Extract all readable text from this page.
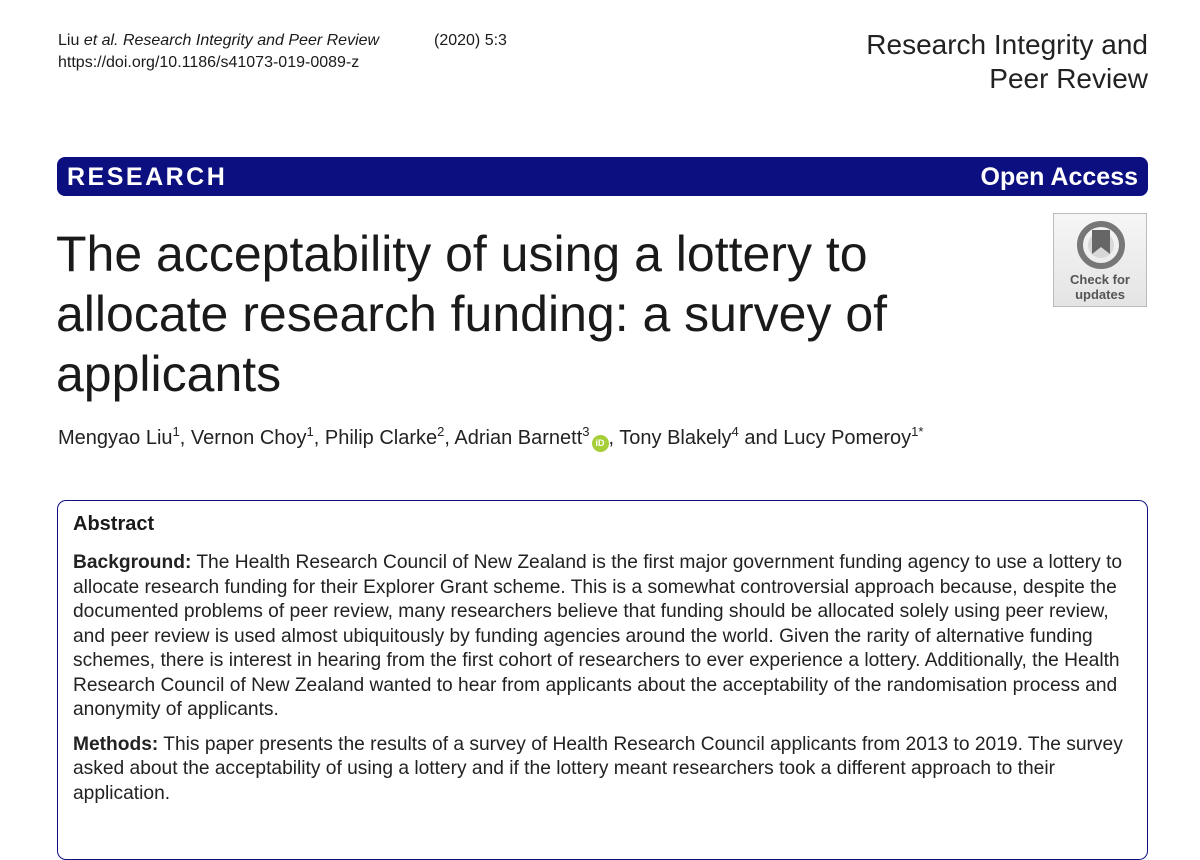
Liu et al. Research Integrity and Peer Review	(2020) 5:3
https://doi.org/10.1186/s41073-019-0089-z
Research Integrity and
Peer Review
RESEARCH	Open Access
Check for
updates
The acceptability of using a lottery to allocate research funding: a survey of applicants
Mengyao Liu$^1$, Vernon Choy$^1$, Philip Clarke$^2$, Adrian Barnett$^3$iD , Tony Blakely$^4$ and Lucy Pomeroy$^{1*}$
Abstract

Background: The Health Research Council of New Zealand is the first major government funding agency to use a lottery to allocate research funding for their Explorer Grant scheme. This is a somewhat controversial approach because, despite the documented problems of peer review, many researchers believe that funding should be allocated solely using peer review, and peer review is used almost ubiquitously by funding agencies around the world. Given the rarity of alternative funding schemes, there is interest in hearing from the first cohort of researchers to ever experience a lottery. Additionally, the Health Research Council of New Zealand wanted to hear from applicants about the acceptability of the randomisation process and anonymity of applicants.

Methods: This paper presents the results of a survey of Health Research Council applicants from 2013 to 2019. The survey asked about the acceptability of using a lottery and if the lottery meant researchers took a different approach to their application.
